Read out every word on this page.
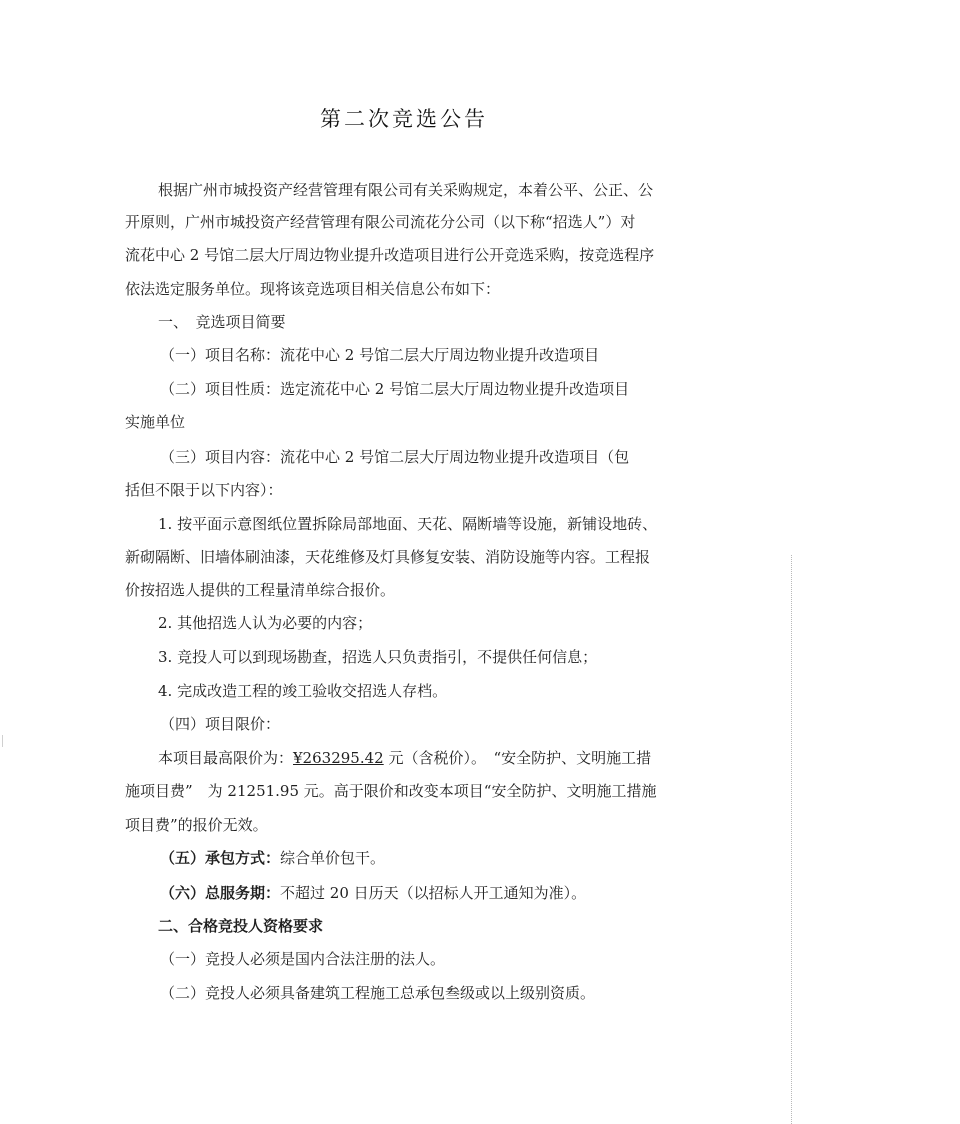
第二次竞选公告
根据广州市城投资产经营管理有限公司有关采购规定，本着公平、公正、公
开原则，广州市城投资产经营管理有限公司流花分公司（以下称“招选人”）对
流花中心 2 号馆二层大厅周边物业提升改造项目进行公开竞选采购，按竞选程序
依法选定服务单位。现将该竞选项目相关信息公布如下：
一、　竞选项目简要
（一）项目名称：流花中心 2 号馆二层大厅周边物业提升改造项目
（二）项目性质：选定流花中心 2 号馆二层大厅周边物业提升改造项目
实施单位
（三）项目内容：流花中心 2 号馆二层大厅周边物业提升改造项目（包
括但不限于以下内容）：
1. 按平面示意图纸位置拆除局部地面、天花、隔断墙等设施，新铺设地砖、
新砌隔断、旧墙体刷油漆，天花维修及灯具修复安装、消防设施等内容。工程报
价按招选人提供的工程量清单综合报价。
2. 其他招选人认为必要的内容；
3. 竞投人可以到现场勘查，招选人只负责指引，不提供任何信息；
4. 完成改造工程的竣工验收交招选人存档。
（四）项目限价：
本项目最高限价为：¥263295.42 元（含税价）。　“安全防护、文明施工措
施项目费”　为 21251.95 元。高于限价和改变本项目“安全防护、文明施工措施
项目费”的报价无效。
（五）承包方式：综合单价包干。
（六）总服务期：不超过 20 日历天（以招标人开工通知为准）。
二、合格竞投人资格要求
（一）竞投人必须是国内合法注册的法人。
（二）竞投人必须具备建筑工程施工总承包叁级或以上级别资质。
